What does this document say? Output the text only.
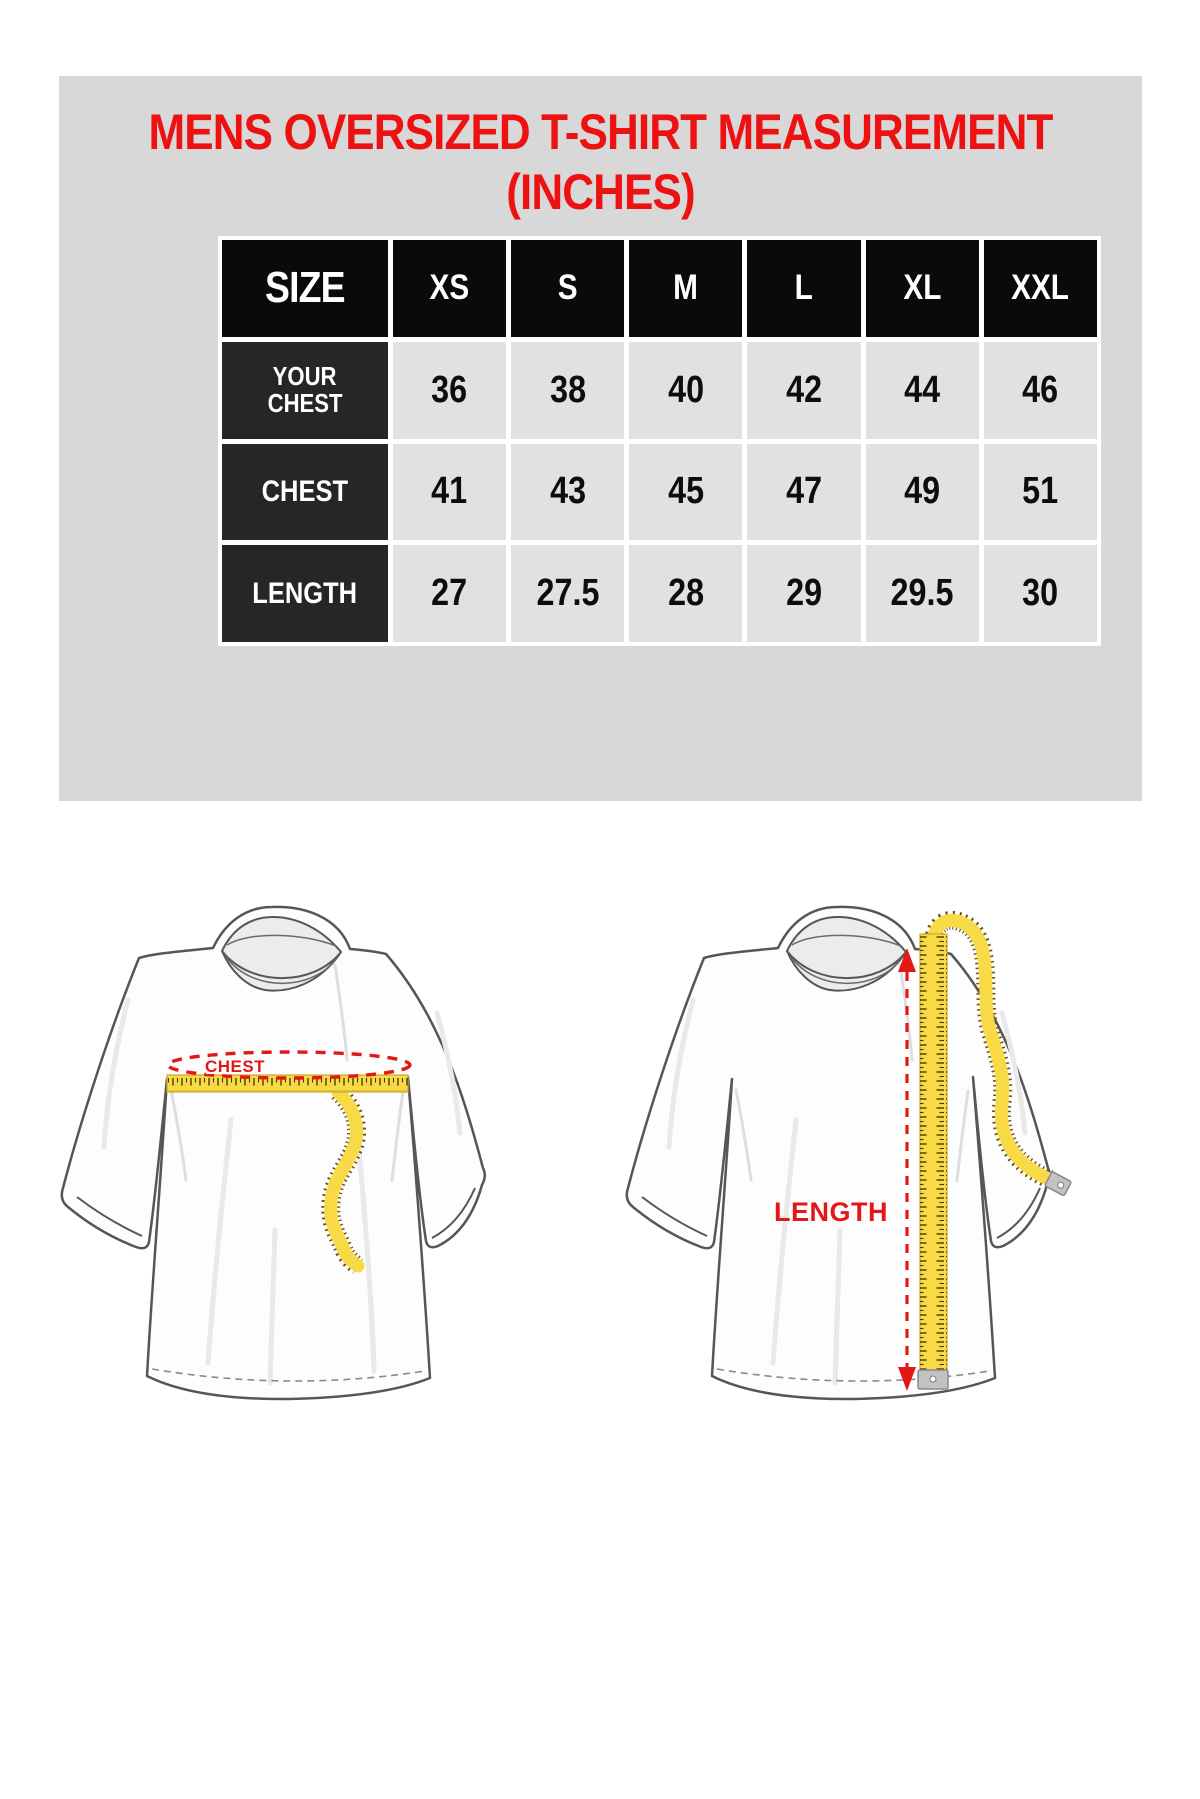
MENS OVERSIZED T-SHIRT MEASUREMENT
(INCHES)
SIZE XS	S	M	L	XL XXL
YOUR
CHEST 36 38 40 42 44 46
CHEST 41 43 45 47 49 51
LENGTH 27 27.5 28 29 29.5 30
CHEST
LENGTH
